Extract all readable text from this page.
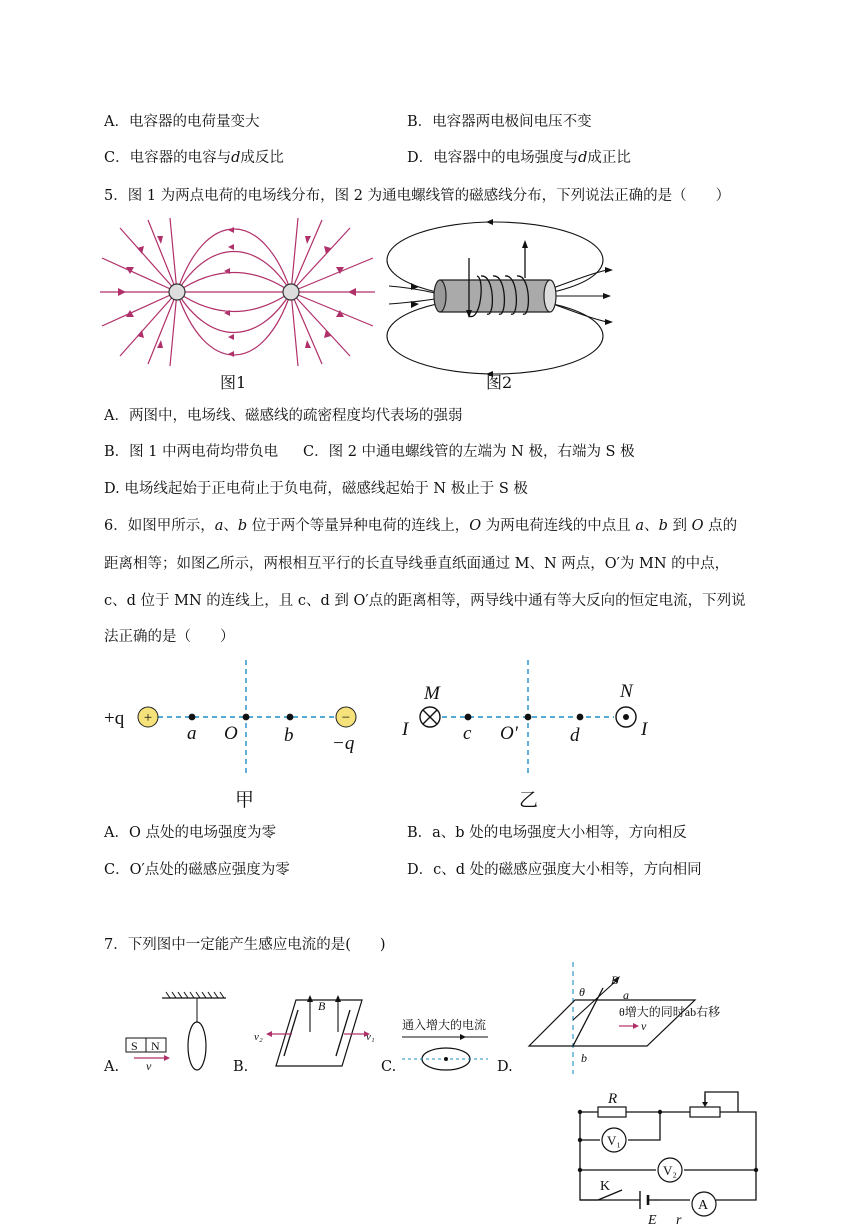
A．电容器的电荷量变大	B．电容器两电极间电压不变
C．电容器的电容与d成反比	D．电容器中的电场强度与d成正比
5．图 1 为两点电荷的电场线分布，图 2 为通电螺线管的磁感线分布，下列说法正确的是（　　）
图1	图2
A．两图中，电场线、磁感线的疏密程度均代表场的强弱
B．图 1 中两电荷均带负电 C．图 2 中通电螺线管的左端为 N 极，右端为 S 极
D. 电场线起始于正电荷止于负电荷，磁感线起始于 N 极止于 S 极
6．如图甲所示，a、b 位于两个等量异种电荷的连线上，O 为两电荷连线的中点且 a、b 到 O 点的
距离相等；如图乙所示，两根相互平行的长直导线垂直纸面通过 M、N 两点，O′为 MN 的中点，
c、d 位于 MN 的连线上，且 c、d 到 O′点的距离相等，两导线中通有等大反向的恒定电流，下列说
法正确的是（　　）
+	−
+q
a O b −q
甲
M	N
I	I
c O′	d
乙
A．O 点处的电场强度为零	B．a、b 处的电场强度大小相等，方向相反
C．O′点处的磁感应强度为零	D．c、d 处的磁感应强度大小相等，方向相同
7．下列图中一定能产生感应电流的是(　　)
S N
v
A.
B
v₂	v₁
B.
通入增大的电流
C.
θ
B
a
b
θ增大的同时ab右移
v
D.
R
V₁
V₂
K
E r
A
